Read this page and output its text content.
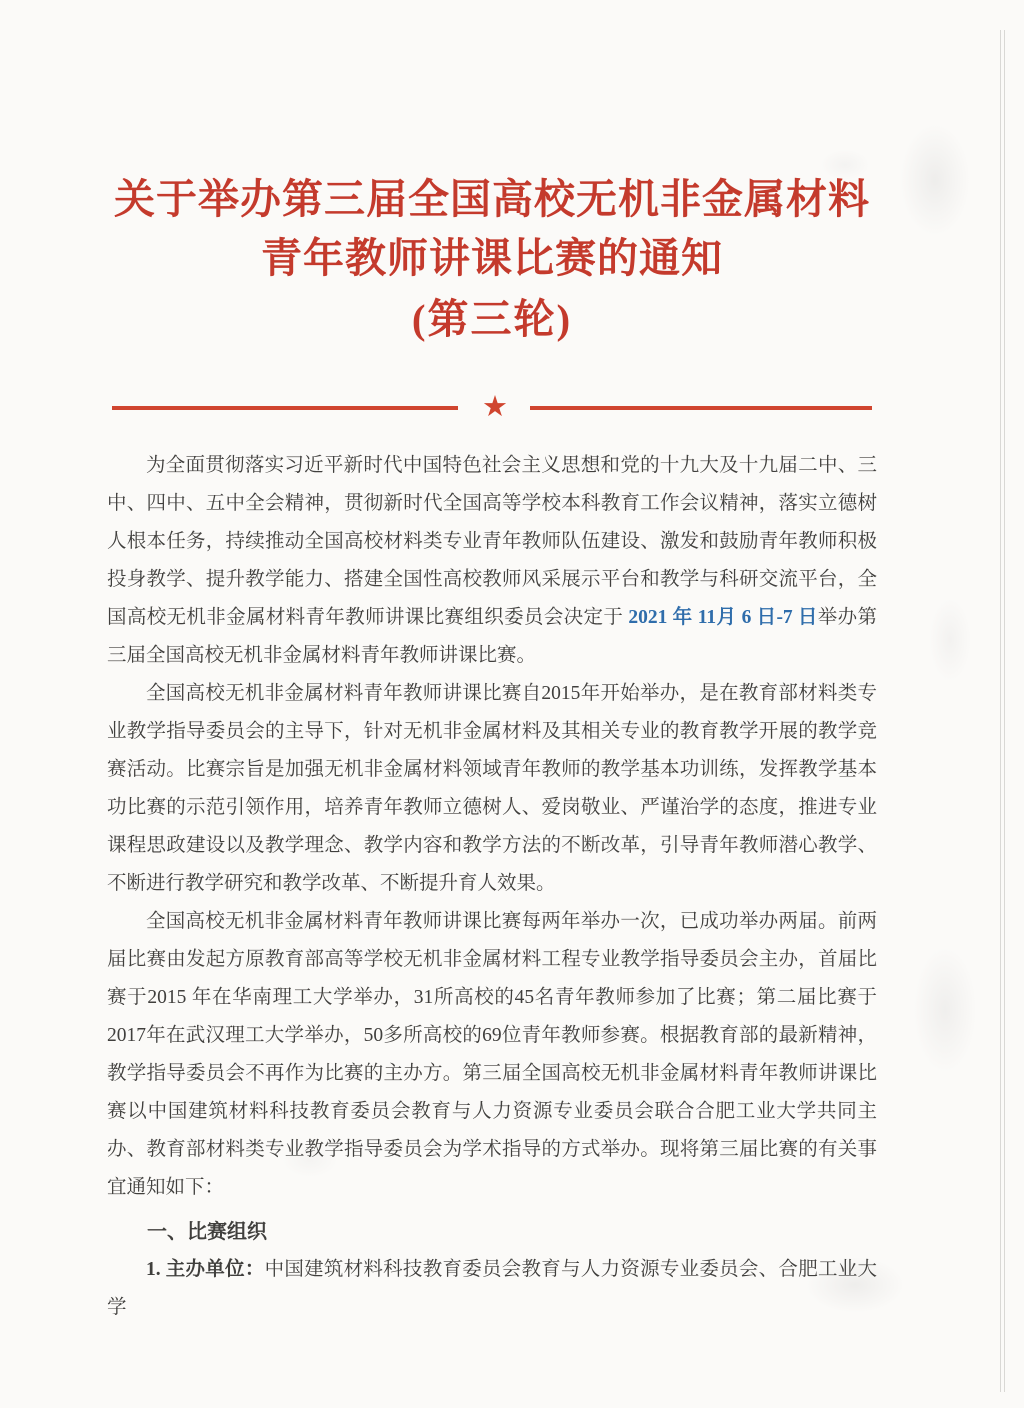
关于举办第三届全国高校无机非金属材料
青年教师讲课比赛的通知
(第三轮)
★

为全面贯彻落实习近平新时代中国特色社会主义思想和党的十九大及十九届二中、三中、四中、五中全会精神，贯彻新时代全国高等学校本科教育工作会议精神，落实立德树人根本任务，持续推动全国高校材料类专业青年教师队伍建设、激发和鼓励青年教师积极投身教学、提升教学能力、搭建全国性高校教师风采展示平台和教学与科研交流平台，全国高校无机非金属材料青年教师讲课比赛组织委员会决定于 2021 年 11月 6 日-7 日举办第三届全国高校无机非金属材料青年教师讲课比赛。

全国高校无机非金属材料青年教师讲课比赛自2015年开始举办，是在教育部材料类专业教学指导委员会的主导下，针对无机非金属材料及其相关专业的教育教学开展的教学竞赛活动。比赛宗旨是加强无机非金属材料领域青年教师的教学基本功训练，发挥教学基本功比赛的示范引领作用，培养青年教师立德树人、爱岗敬业、严谨治学的态度，推进专业课程思政建设以及教学理念、教学内容和教学方法的不断改革，引导青年教师潜心教学、不断进行教学研究和教学改革、不断提升育人效果。

全国高校无机非金属材料青年教师讲课比赛每两年举办一次，已成功举办两届。前两届比赛由发起方原教育部高等学校无机非金属材料工程专业教学指导委员会主办，首届比赛于2015 年在华南理工大学举办，31所高校的45名青年教师参加了比赛；第二届比赛于2017年在武汉理工大学举办，50多所高校的69位青年教师参赛。根据教育部的最新精神，教学指导委员会不再作为比赛的主办方。第三届全国高校无机非金属材料青年教师讲课比赛以中国建筑材料科技教育委员会教育与人力资源专业委员会联合合肥工业大学共同主办、教育部材料类专业教学指导委员会为学术指导的方式举办。现将第三届比赛的有关事宜通知如下：

一、比赛组织

1. 主办单位：中国建筑材料科技教育委员会教育与人力资源专业委员会、合肥工业大学
